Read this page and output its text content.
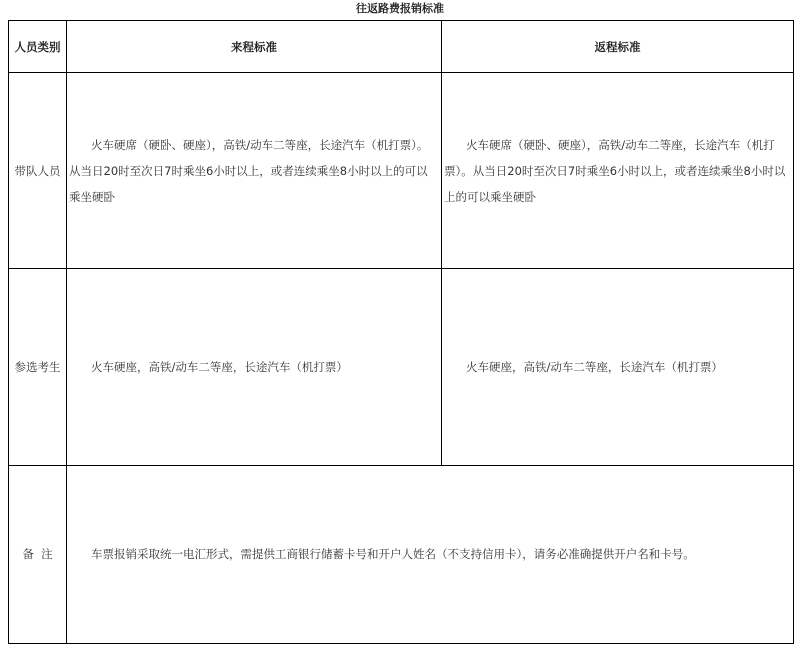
往返路费报销标准
人员类别	来程标准	返程标准
带队人员	火车硬席（硬卧、硬座），高铁/动车二等座，长途汽车（机打票）。从当日20时至次日7时乘坐6小时以上，或者连续乘坐8小时以上的可以乘坐硬卧	火车硬席（硬卧、硬座），高铁/动车二等座，长途汽车（机打票）。从当日20时至次日7时乘坐6小时以上，或者连续乘坐8小时以上的可以乘坐硬卧

参选考生	火车硬座，高铁/动车二等座，长途汽车（机打票）	火车硬座，高铁/动车二等座，长途汽车（机打票）

备  注	车票报销采取统一电汇形式，需提供工商银行储蓄卡号和开户人姓名（不支持信用卡），请务必准确提供开户名和卡号。	
